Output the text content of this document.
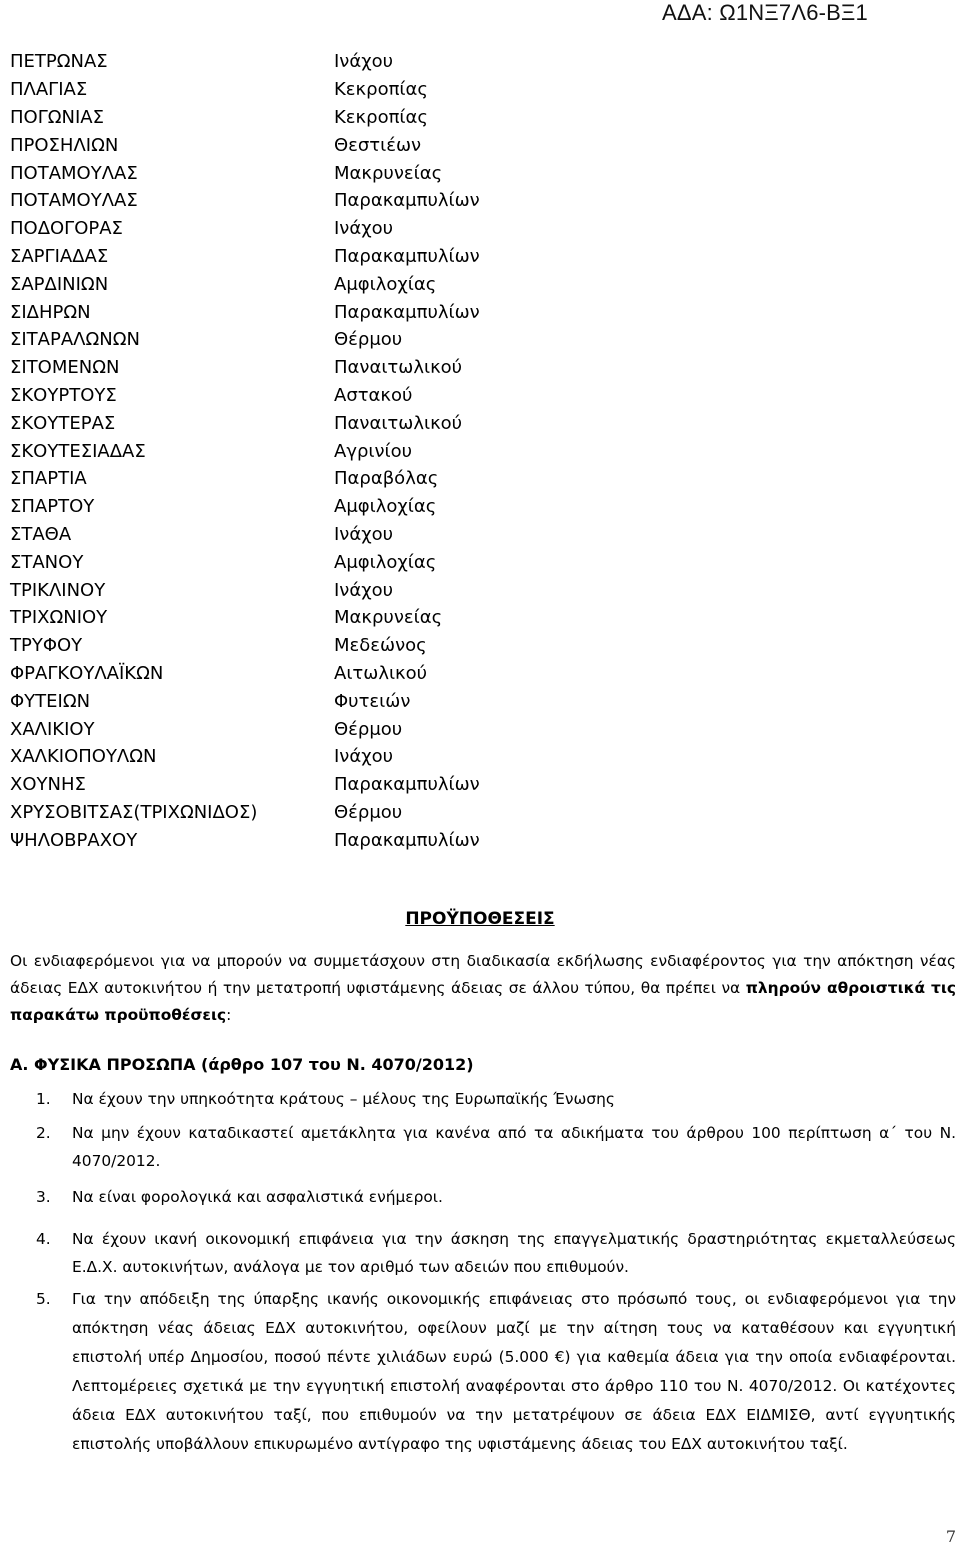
ΑΔΑ: Ω1ΝΞ7Λ6-ΒΞ1
ΠΕΤΡΩΝΑΣ	Ινάχου
ΠΛΑΓΙΑΣ	Κεκροπίας
ΠΟΓΩΝΙΑΣ	Κεκροπίας
ΠΡΟΣΗΛΙΩΝ	Θεστιέων
ΠΟΤΑΜΟΥΛΑΣ	Μακρυνείας
ΠΟΤΑΜΟΥΛΑΣ	Παρακαμπυλίων
ΠΟΔΟΓΟΡΑΣ	Ινάχου
ΣΑΡΓΙΑΔΑΣ	Παρακαμπυλίων
ΣΑΡΔΙΝΙΩΝ	Αμφιλοχίας
ΣΙΔΗΡΩΝ	Παρακαμπυλίων
ΣΙΤΑΡΑΛΩΝΩΝ	Θέρμου
ΣΙΤΟΜΕΝΩΝ	Παναιτωλικού
ΣΚΟΥΡΤΟΥΣ	Αστακού
ΣΚΟΥΤΕΡΑΣ	Παναιτωλικού
ΣΚΟΥΤΕΣΙΑΔΑΣ	Αγρινίου
ΣΠΑΡΤΙΑ	Παραβόλας
ΣΠΑΡΤΟΥ	Αμφιλοχίας
ΣΤΑΘΑ	Ινάχου
ΣΤΑΝΟΥ	Αμφιλοχίας
ΤΡΙΚΛΙΝΟΥ	Ινάχου
ΤΡΙΧΩΝΙΟΥ	Μακρυνείας
ΤΡΥΦΟΥ	Μεδεώνος
ΦΡΑΓΚΟΥΛΑΪΚΩΝ	Αιτωλικού
ΦΥΤΕΙΩΝ	Φυτειών
ΧΑΛΙΚΙΟΥ	Θέρμου
ΧΑΛΚΙΟΠΟΥΛΩΝ	Ινάχου
ΧΟΥΝΗΣ	Παρακαμπυλίων
ΧΡΥΣΟΒΙΤΣΑΣ(ΤΡΙΧΩΝΙΔΟΣ)	Θέρμου
ΨΗΛΟΒΡΑΧΟΥ	Παρακαμπυλίων
ΠΡΟΫΠΟΘΕΣΕΙΣ
Οι ενδιαφερόμενοι για να μπορούν να συμμετάσχουν στη διαδικασία εκδήλωσης ενδιαφέροντος για την απόκτηση νέας άδειας ΕΔΧ αυτοκινήτου ή την μετατροπή υφιστάμενης άδειας σε άλλου τύπου, θα πρέπει να πληρούν αθροιστικά τις παρακάτω προϋποθέσεις:
Α. ΦΥΣΙΚΑ ΠΡΟΣΩΠΑ (άρθρο 107 του Ν. 4070/2012)
1.	Να έχουν την υπηκοότητα κράτους – μέλους της Ευρωπαϊκής Ένωσης
2.	Να μην έχουν καταδικαστεί αμετάκλητα για κανένα από τα αδικήματα του άρθρου 100 περίπτωση α΄ του Ν. 4070/2012.
3.	Να είναι φορολογικά και ασφαλιστικά ενήμεροι.
4.	Να έχουν ικανή οικονομική επιφάνεια για την άσκηση της επαγγελματικής δραστηριότητας εκμεταλλεύσεως Ε.Δ.Χ. αυτοκινήτων, ανάλογα με τον αριθμό των αδειών που επιθυμούν.
5.	Για την απόδειξη της ύπαρξης ικανής οικονομικής επιφάνειας στο πρόσωπό τους, οι ενδιαφερόμενοι για την απόκτηση νέας άδειας ΕΔΧ αυτοκινήτου, οφείλουν μαζί με την αίτηση τους να καταθέσουν και εγγυητική επιστολή υπέρ Δημοσίου, ποσού πέντε χιλιάδων ευρώ (5.000 €) για καθεμία άδεια για την οποία ενδιαφέρονται. Λεπτομέρειες σχετικά με την εγγυητική επιστολή αναφέρονται στο άρθρο 110 του Ν. 4070/2012. Οι κατέχοντες άδεια ΕΔΧ αυτοκινήτου ταξί, που επιθυμούν να την μετατρέψουν σε άδεια ΕΔΧ ΕΙΔΜΙΣΘ, αντί εγγυητικής επιστολής υποβάλλουν επικυρωμένο αντίγραφο της υφιστάμενης άδειας του ΕΔΧ αυτοκινήτου ταξί.
7
